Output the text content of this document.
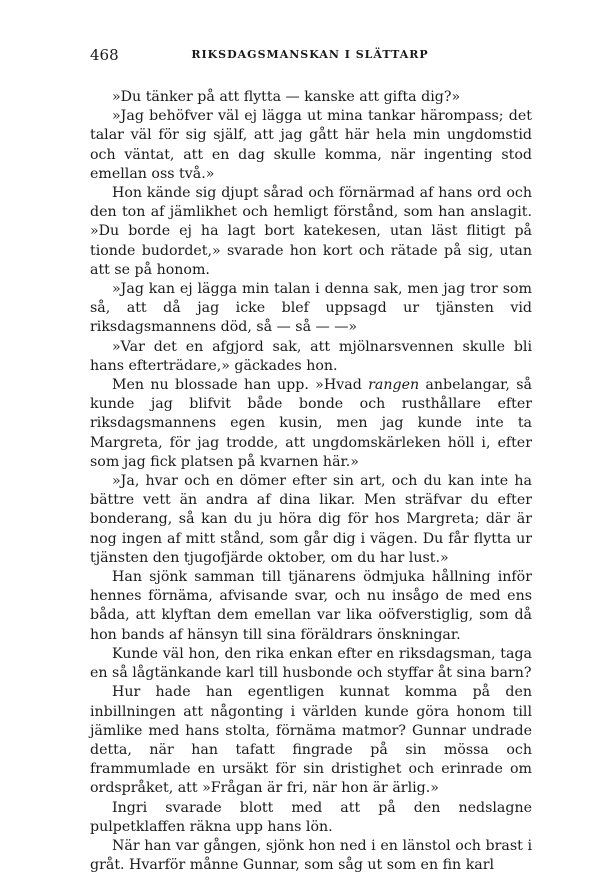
468	RIKSDAGSMANSKAN I SLÄTTARP

»Du tänker på att flytta — kanske att gifta dig?»

»Jag behöfver väl ej lägga ut mina tankar härompass; det talar väl för sig själf, att jag gått här hela min ungdomstid och väntat, att en dag skulle komma, när ingenting stod emellan oss två.»

Hon kände sig djupt sårad och förnärmad af hans ord och den ton af jämlikhet och hemligt förstånd, som han anslagit. »Du borde ej ha lagt bort katekesen, utan läst flitigt på tionde budordet,» svarade hon kort och rätade på sig, utan att se på honom.

»Jag kan ej lägga min talan i denna sak, men jag tror som så, att då jag icke blef uppsagd ur tjänsten vid riksdagsmannens död, så — så — —»

»Var det en afgjord sak, att mjölnarsvennen skulle bli hans efterträdare,» gäckades hon.

Men nu blossade han upp. »Hvad rangen anbelangar, så kunde jag blifvit både bonde och rusthållare efter riksdagsmannens egen kusin, men jag kunde inte ta Margreta, för jag trodde, att ungdomskärleken höll i, efter som jag fick platsen på kvarnen här.»

»Ja, hvar och en dömer efter sin art, och du kan inte ha bättre vett än andra af dina likar. Men sträfvar du efter bonderang, så kan du ju höra dig för hos Margreta; där är nog ingen af mitt stånd, som går dig i vägen. Du får flytta ur tjänsten den tjugofjärde oktober, om du har lust.»

Han sjönk samman till tjänarens ödmjuka hållning inför hennes förnäma, afvisande svar, och nu insågo de med ens båda, att klyftan dem emellan var lika oöfverstiglig, som då hon bands af hänsyn till sina föräldrars önskningar.

Kunde väl hon, den rika enkan efter en riksdagsman, taga en så lågtänkande karl till husbonde och styffar åt sina barn?

Hur hade han egentligen kunnat komma på den inbillningen att någonting i världen kunde göra honom till jämlike med hans stolta, förnäma matmor? Gunnar undrade detta, när han tafatt fingrade på sin mössa och frammumlade en ursäkt för sin dristighet och erinrade om ordspråket, att »Frågan är fri, när hon är ärlig.»

Ingri svarade blott med att på den nedslagne pulpetklaffen räkna upp hans lön.

När han var gången, sjönk hon ned i en länstol och brast i gråt. Hvarför månne Gunnar, som såg ut som en fin karl
